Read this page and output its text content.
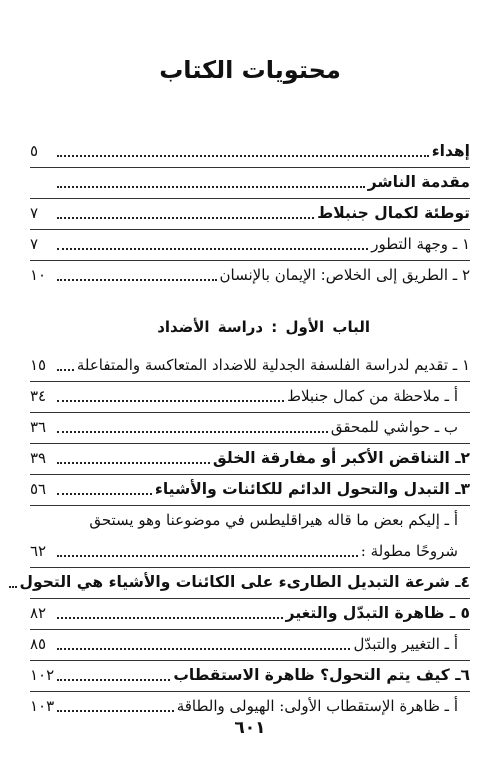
محتويات الكتاب
إهداء
٥
مقدمة الناشر
توطئة لكمال جنبلاط
٧
١ ـ وجهة التطور
٧
٢ ـ الطريق إلى الخلاص: الإيمان بالإنسان
١٠
الباب الأول : دراسة الأضداد
١ ـ تقديم لدراسة الفلسفة الجدلية للاضداد المتعاكسة والمتفاعلة
١٥
أ ـ ملاحظة من كمال جنبلاط
٣٤
ب ـ حواشي للمحقق
٣٦
٢ـ التناقض الأكبر أو مفارقة الخلق
٣٩
٣ـ التبدل والتحول الدائم للكائنات والأشياء
٥٦
أ ـ إليكم بعض ما قاله هيراقليطس في موضوعنا وهو يستحق
شروحًا مطولة :
٦٢
٤ـ شرعة التبديل الطارىء على الكائنات والأشياء هي التحول
٥ ـ ظاهرة التبدّل والتغير
٨٢
أ ـ التغيير والتبدّل
٨٥
٦ـ كيف يتم التحول؟ ظاهرة الاستقطاب
١٠٢
أ ـ ظاهرة الإستقطاب الأولى: الهيولى والطاقة
١٠٣
٦٠١
